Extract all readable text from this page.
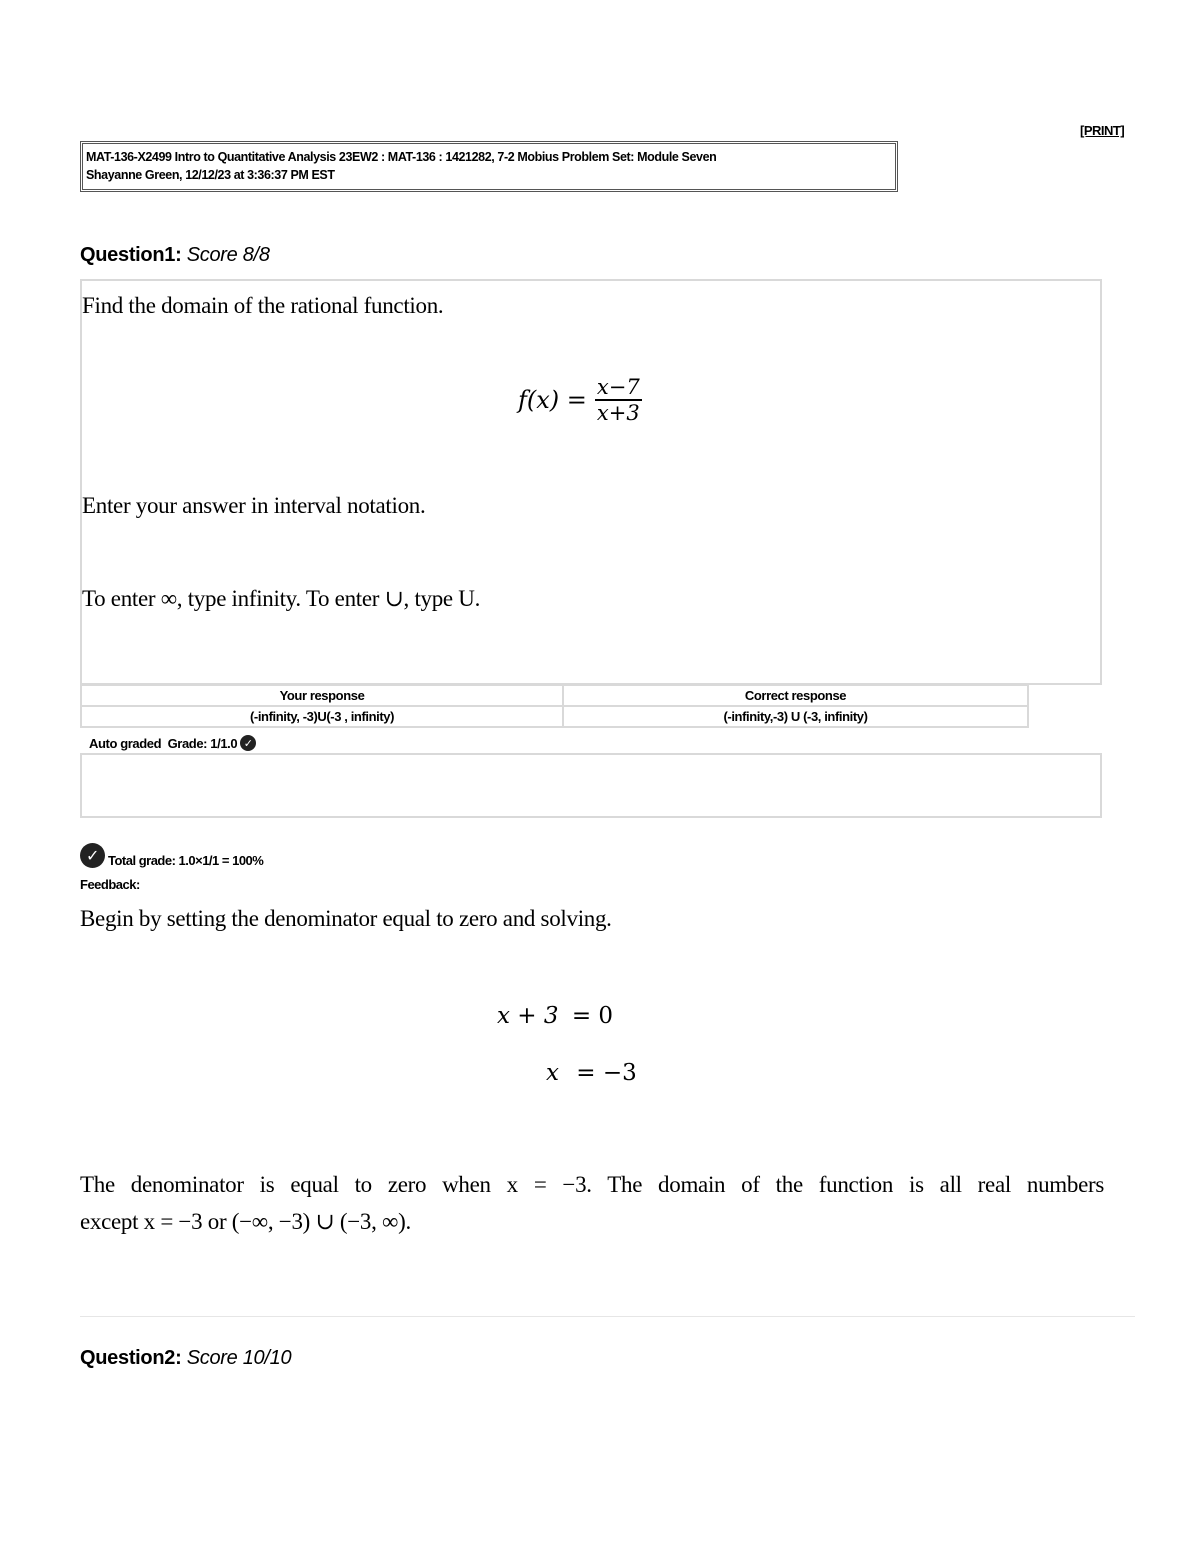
[PRINT]
MAT-136-X2499 Intro to Quantitative Analysis 23EW2 : MAT-136 : 1421282, 7-2 Mobius Problem Set: Module Seven
Shayanne Green, 12/12/23 at 3:36:37 PM EST
Question1: Score 8/8
Find the domain of the rational function.
$f(x) = \frac{x-7}{x+3}$
Enter your answer in interval notation.
To enter ∞, type infinity. To enter ∪, type U.
Your response	Correct response
(-infinity, -3)U(-3 , infinity)	(-infinity,-3) U (-3, infinity)
Auto graded  Grade: 1/1.0 ✓
✓ Total grade: 1.0×1/1 = 100%
Feedback:
Begin by setting the denominator equal to zero and solving.
x + 3 = 0
x = −3
The denominator is equal to zero when x = −3. The domain of the function is all real numbers
except x = −3 or (−∞, −3) ∪ (−3, ∞).
Question2: Score 10/10
